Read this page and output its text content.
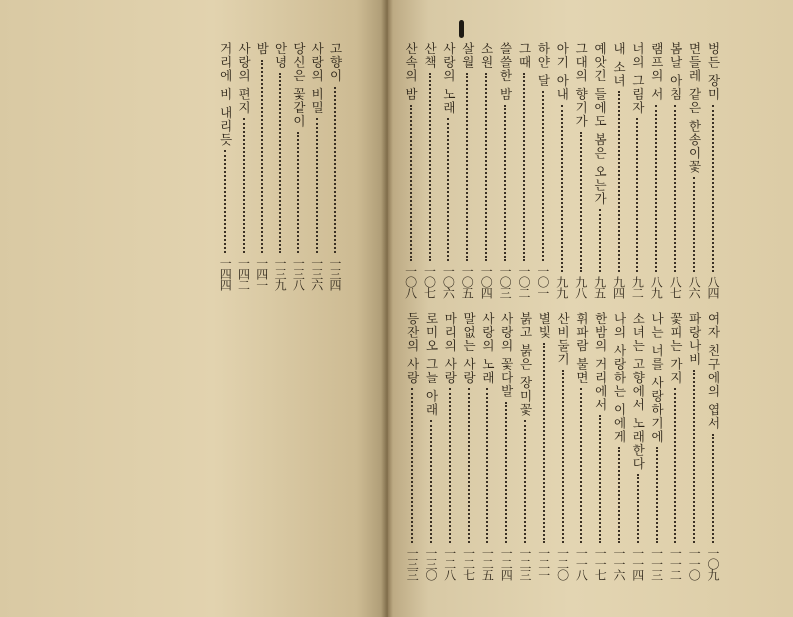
고향이
一三四
사랑의 비밀
一三六
당신은 꽃같이
一三八
안녕
一三九
밤
一四一
사랑의 편지
一四二
거리에 비 내리듯
一四四
벙든 장미
八四
면들레 같은 한송이꽃
八六
봄날 아침
八七
램프의 서
八九
너의 그림자
九二
내 소녀
九四
예앗긴 들에도 봄은 오는가
九五
그대의 향기가
九八
아기 아내
九九
하얀 달
一〇一
그때
一〇二
쓸쓸한 밤
一〇三
소원
一〇四
살월
一〇五
사랑의 노래
一〇六
산책
一〇七
산속의 밤
一〇八
여자 친구에의 엽서
一〇九
파랑나비
一一〇
꽃피는 가지
一一二
나는 너를 사랑하기에
一一三
소녀는 고향에서 노래한다
一一四
나의 사랑하는 이에게
一一六
한밤의 거리에서
一一七
휘파람 불면
一一八
산비둘기
一二〇
별빛
一二一
붉고 붉은 장미꽃
一二三
사랑의 꽃다발
一二四
사랑의 노래
一二五
말없는 사랑
一二七
마리의 사랑
一二八
로미오 그늘 아래
一三〇
등잔의 사랑
一三三
